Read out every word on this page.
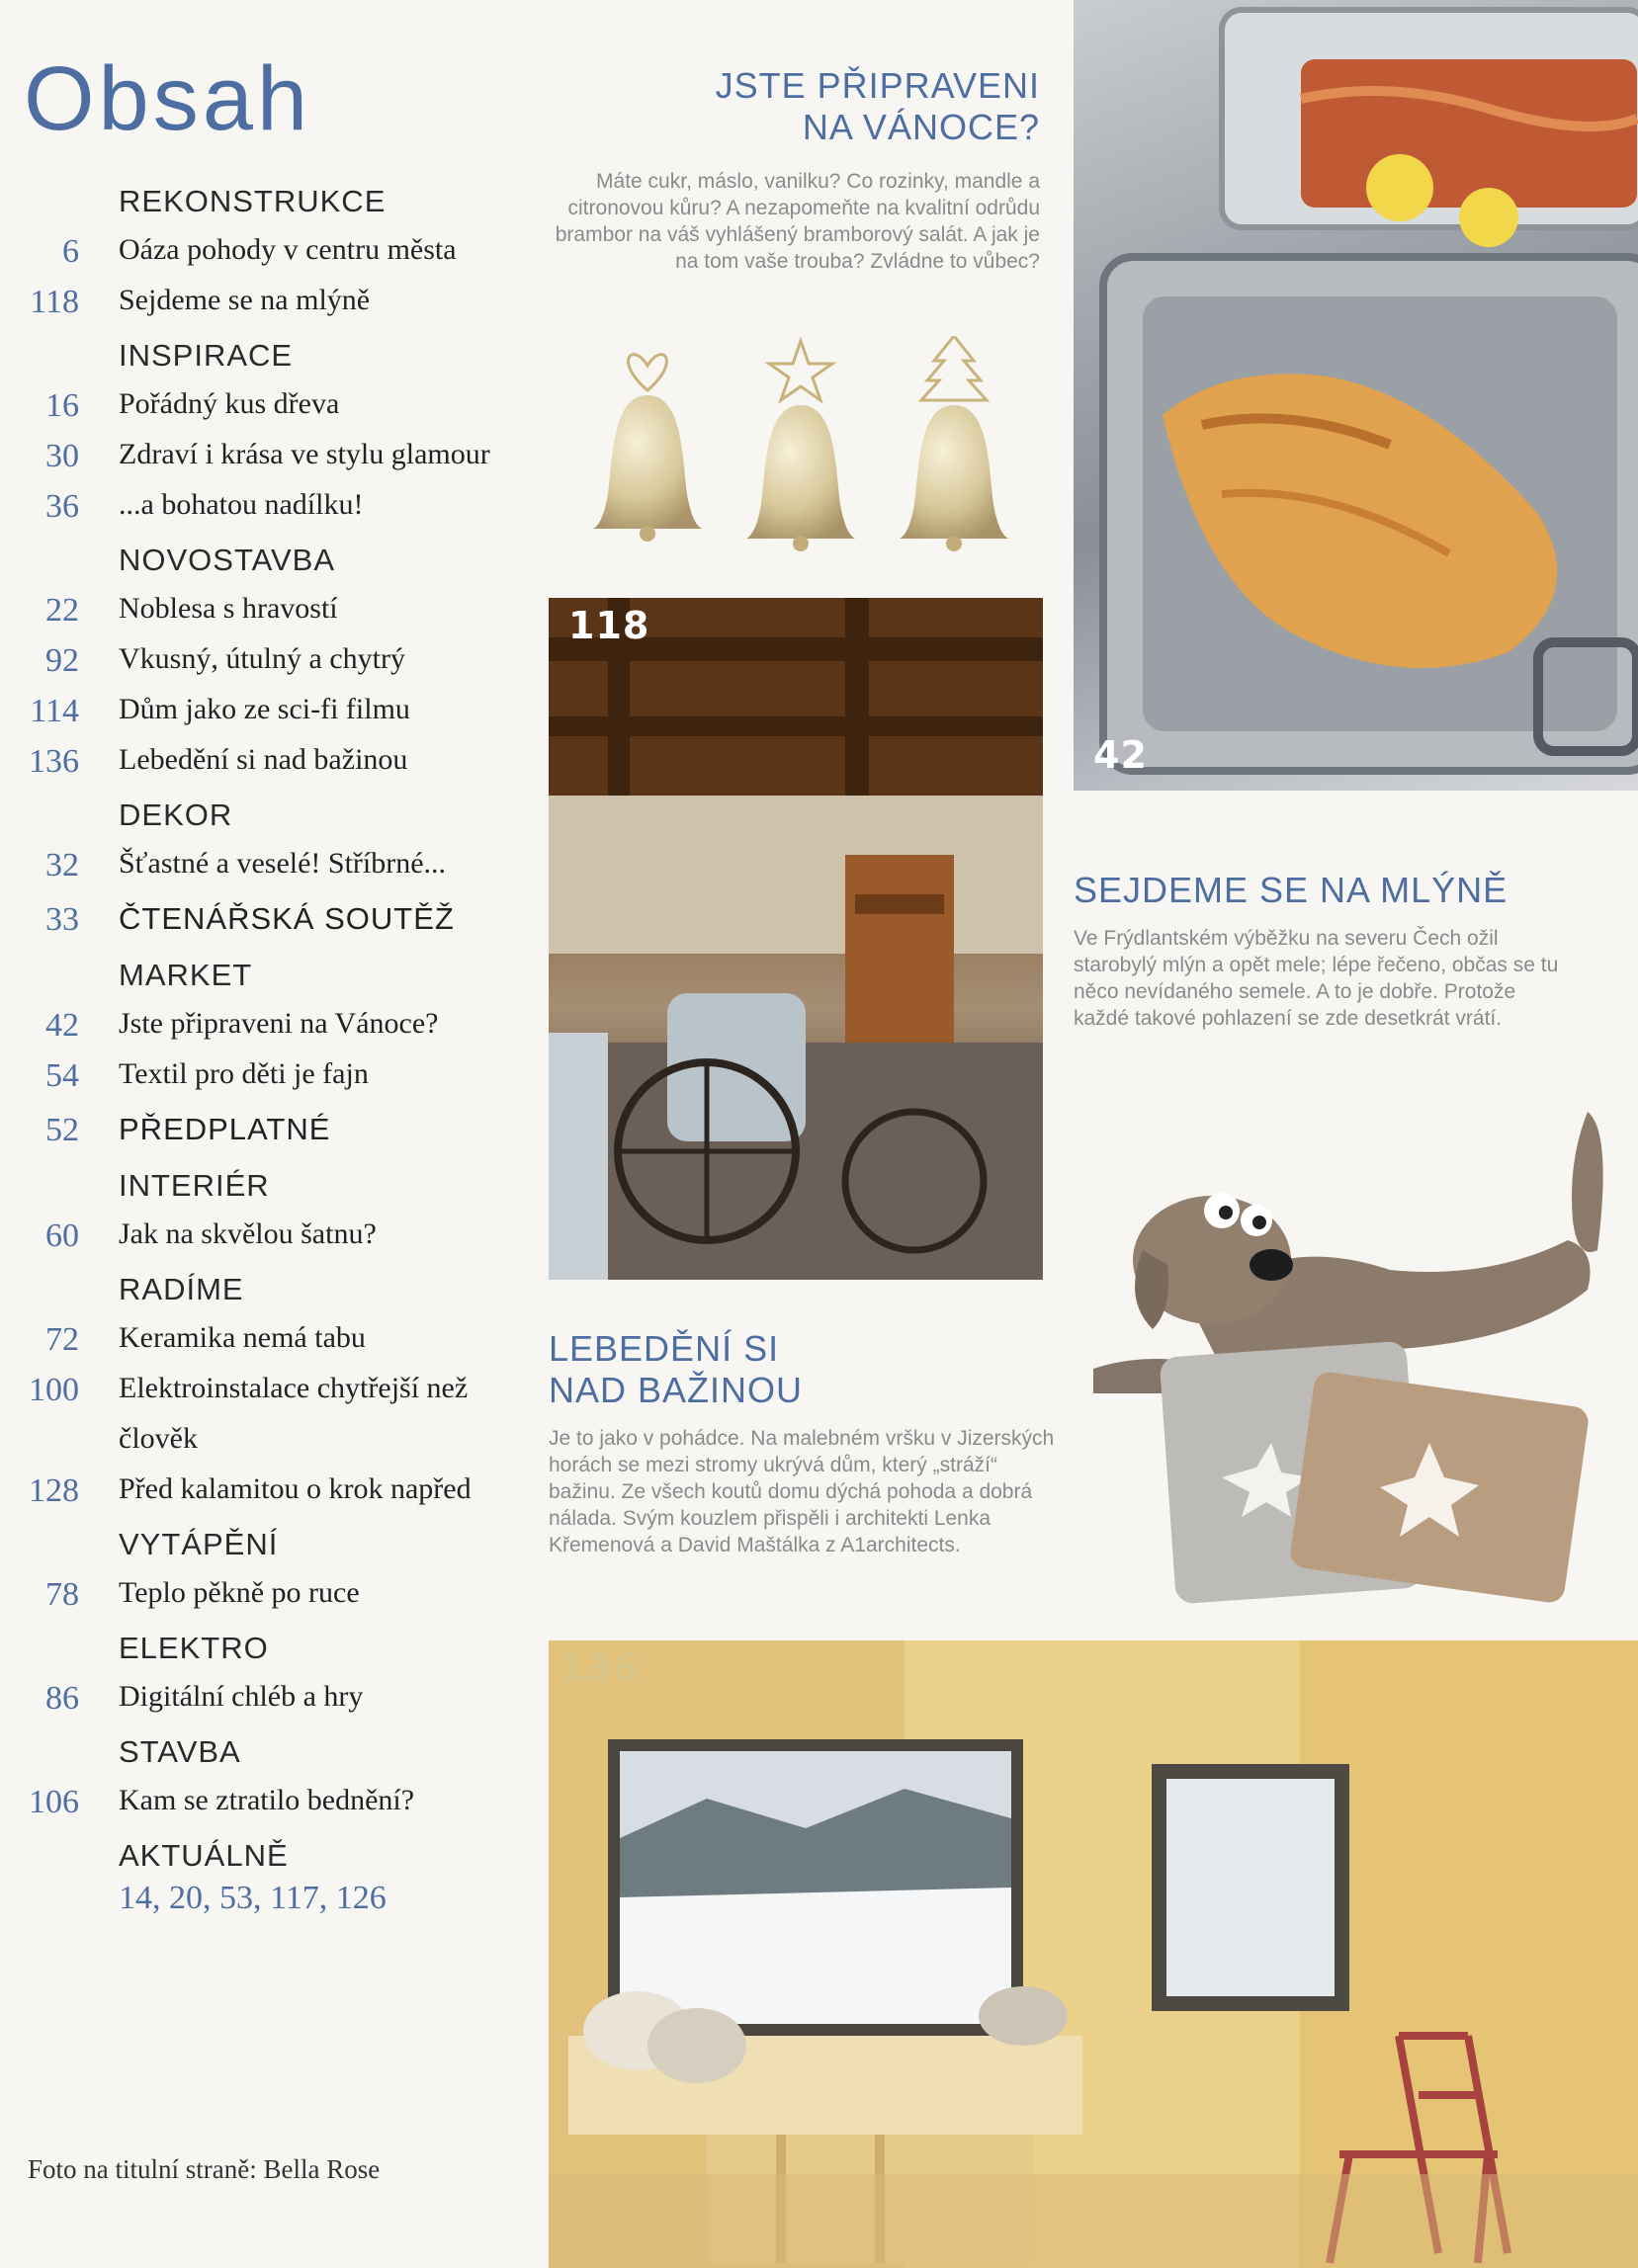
Obsah
REKONSTRUKCE
6 Oáza pohody v centru města
118 Sejdeme se na mlýně
INSPIRACE
16 Pořádný kus dřeva
30 Zdraví i krása ve stylu glamour
36 ...a bohatou nadílku!
NOVOSTAVBA
22 Noblesa s hravostí
92 Vkusný, útulný a chytrý
114 Dům jako ze sci-fi filmu
136 Lebedění si nad bažinou
DEKOR
32 Šťastné a veselé! Stříbrné...
33 ČTENÁŘSKÁ SOUTĚŽ
MARKET
42 Jste připraveni na Vánoce?
54 Textil pro děti je fajn
52 PŘEDPLATNÉ
INTERIÉR
60 Jak na skvělou šatnu?
RADÍME
72 Keramika nemá tabu
100 Elektroinstalace chytřejší než
člověk
128 Před kalamitou o krok napřed
VYTÁPĚNÍ
78 Teplo pěkně po ruce
ELEKTRO
86 Digitální chléb a hry
STAVBA
106 Kam se ztratilo bednění?
AKTUÁLNĚ
14, 20, 53, 117, 126
Foto na titulní straně: Bella Rose
JSTE PŘIPRAVENI
NA VÁNOCE?

Máte cukr, máslo, vanilku? Co rozinky, mandle a citronovou kůru? A nezapomeňte na kvalitní odrůdu brambor na váš vyhlášený bramborový salát. A jak je na tom vaše trouba? Zvládne to vůbec?

42
118
SEJDEME SE NA MLÝNĚ

Ve Frýdlantském výběžku na severu Čech ožil starobylý mlýn a opět mele; lépe řečeno, občas se tu něco nevídaného semele. A to je dobře. Protože každé takové pohlazení se zde desetkrát vrátí.

LEBEDĚNÍ SI
NAD BAŽINOU

Je to jako v pohádce. Na malebném vršku v Jizerských horách se mezi stromy ukrývá dům, který „stráží“ bažinu. Ze všech koutů domu dýchá pohoda a dobrá nálada. Svým kouzlem přispěli i architekti Lenka Křemenová a David Maštálka z A1architects.

136
